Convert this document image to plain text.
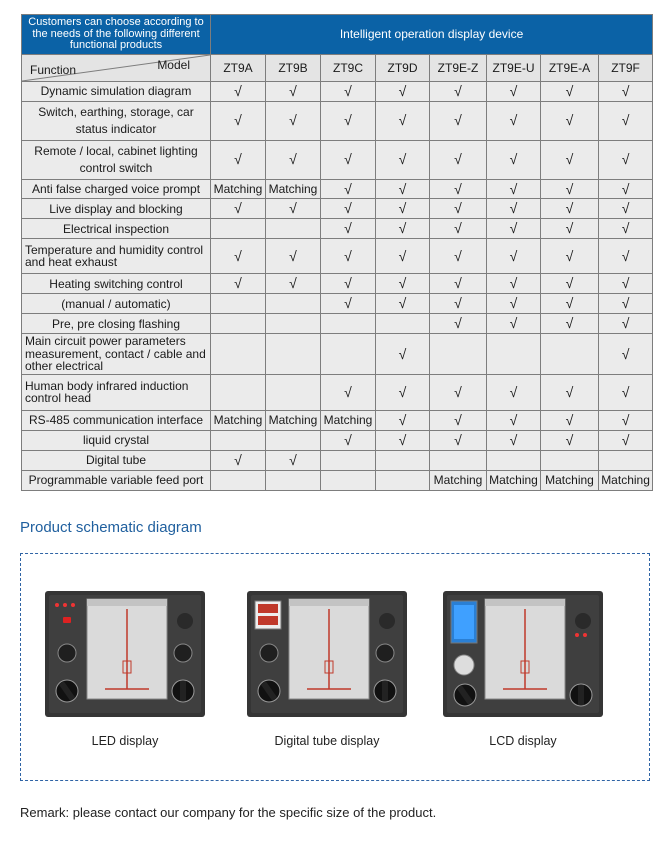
Customers can choose according to the needs of the following different functional products	Intelligent operation display device							

Model
Function	ZT9A	ZT9B	ZT9C	ZT9D	ZT9E-Z	ZT9E-U	ZT9E-A	ZT9F
Dynamic simulation diagram	√	√	√	√	√	√	√	√
Switch, earthing, storage, car status indicator	√	√	√	√	√	√	√	√
Remote / local, cabinet lighting control switch	√	√	√	√	√	√	√	√
Anti false charged voice prompt	Matching	Matching	√	√	√	√	√	√
Live display and blocking	√	√	√	√	√	√	√	√
Electrical inspection			√	√	√	√	√	√
Temperature and humidity control and heat exhaust	√	√	√	√	√	√	√	√
Heating switching control	√	√	√	√	√	√	√	√
(manual / automatic)			√	√	√	√	√	√
Pre, pre closing flashing					√	√	√	√
Main circuit power parameters measurement, contact / cable and other electrical				√				√
Human body infrared induction control head			√	√	√	√	√	√
RS-485 communication interface	Matching	Matching	Matching	√	√	√	√	√
liquid crystal			√	√	√	√	√	√
Digital tube	√	√						
Programmable variable feed port					Matching	Matching	Matching	Matching
Product schematic diagram
LED display	Digital tube display	LCD display
Remark: please contact our company for the specific size of the product.
